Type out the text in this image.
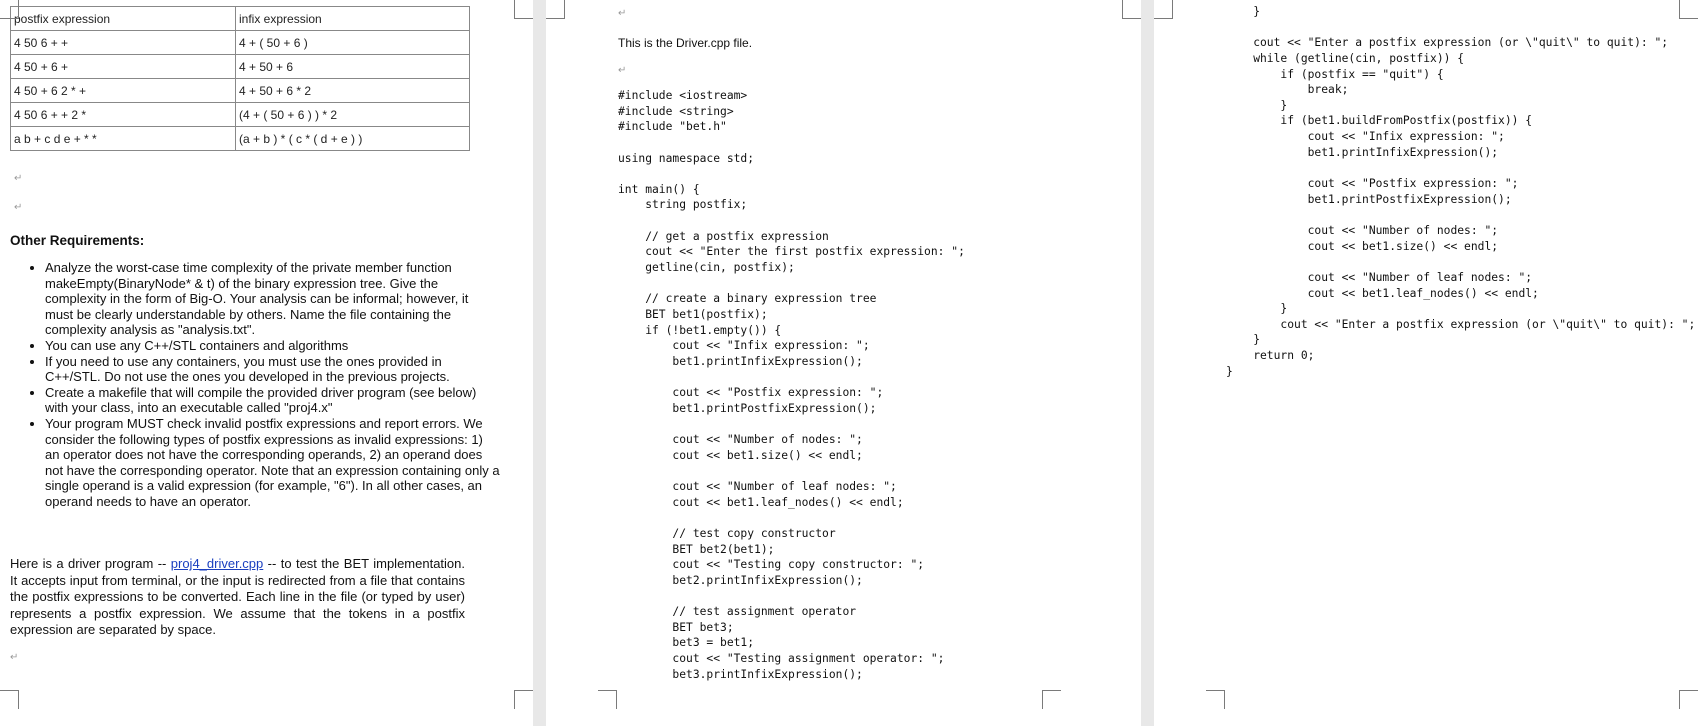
postfix expression	infix expression
4 50 6 + +	4 + ( 50 + 6 )
4 50 + 6 +	4 + 50 + 6
4 50 + 6 2 * +	4 + 50 + 6 * 2
4 50 6 + + 2 *	(4 + ( 50 + 6 ) ) * 2
a b + c d e + * *	(a + b ) * ( c * ( d + e ) )
↵
↵
Other Requirements:
• Analyze the worst-case time complexity of the private member function makeEmpty(BinaryNode* & t) of the binary expression tree. Give the complexity in the form of Big-O. Your analysis can be informal; however, it must be clearly understandable by others. Name the file containing the complexity analysis as "analysis.txt".
• You can use any C++/STL containers and algorithms
• If you need to use any containers, you must use the ones provided in C++/STL. Do not use the ones you developed in the previous projects.
• Create a makefile that will compile the provided driver program (see below) with your class, into an executable called "proj4.x"
• Your program MUST check invalid postfix expressions and report errors. We consider the following types of postfix expressions as invalid expressions: 1) an operator does not have the corresponding operands, 2) an operand does not have the corresponding operator. Note that an expression containing only a single operand is a valid expression (for example, "6"). In all other cases, an operand needs to have an operator.

Here is a driver program -- proj4_driver.cpp -- to test the BET implementation. It accepts input from terminal, or the input is redirected from a file that contains the postfix expressions to be converted. Each line in the file (or typed by user) represents a postfix expression. We assume that the tokens in a postfix expression are separated by space.

↵
↵
This is the Driver.cpp file.
↵
#include <iostream>
#include <string>
#include "bet.h"
using namespace std;
int main() {
string postfix;
// get a postfix expression
cout << "Enter the first postfix expression: ";
getline(cin, postfix);
// create a binary expression tree
BET bet1(postfix);
if (!bet1.empty()) {
cout << "Infix expression: ";
bet1.printInfixExpression();
cout << "Postfix expression: ";
bet1.printPostfixExpression();
cout << "Number of nodes: ";
cout << bet1.size() << endl;
cout << "Number of leaf nodes: ";
cout << bet1.leaf_nodes() << endl;
// test copy constructor
BET bet2(bet1);
cout << "Testing copy constructor: ";
bet2.printInfixExpression();
// test assignment operator
BET bet3;
bet3 = bet1;
cout << "Testing assignment operator: ";
bet3.printInfixExpression();
}
cout << "Enter a postfix expression (or \"quit\" to quit): ";
while (getline(cin, postfix)) {
if (postfix == "quit") {
break;
}
if (bet1.buildFromPostfix(postfix)) {
cout << "Infix expression: ";
bet1.printInfixExpression();
cout << "Postfix expression: ";
bet1.printPostfixExpression();
cout << "Number of nodes: ";
cout << bet1.size() << endl;
cout << "Number of leaf nodes: ";
cout << bet1.leaf_nodes() << endl;
}
cout << "Enter a postfix expression (or \"quit\" to quit): ";
}
return 0;
}
